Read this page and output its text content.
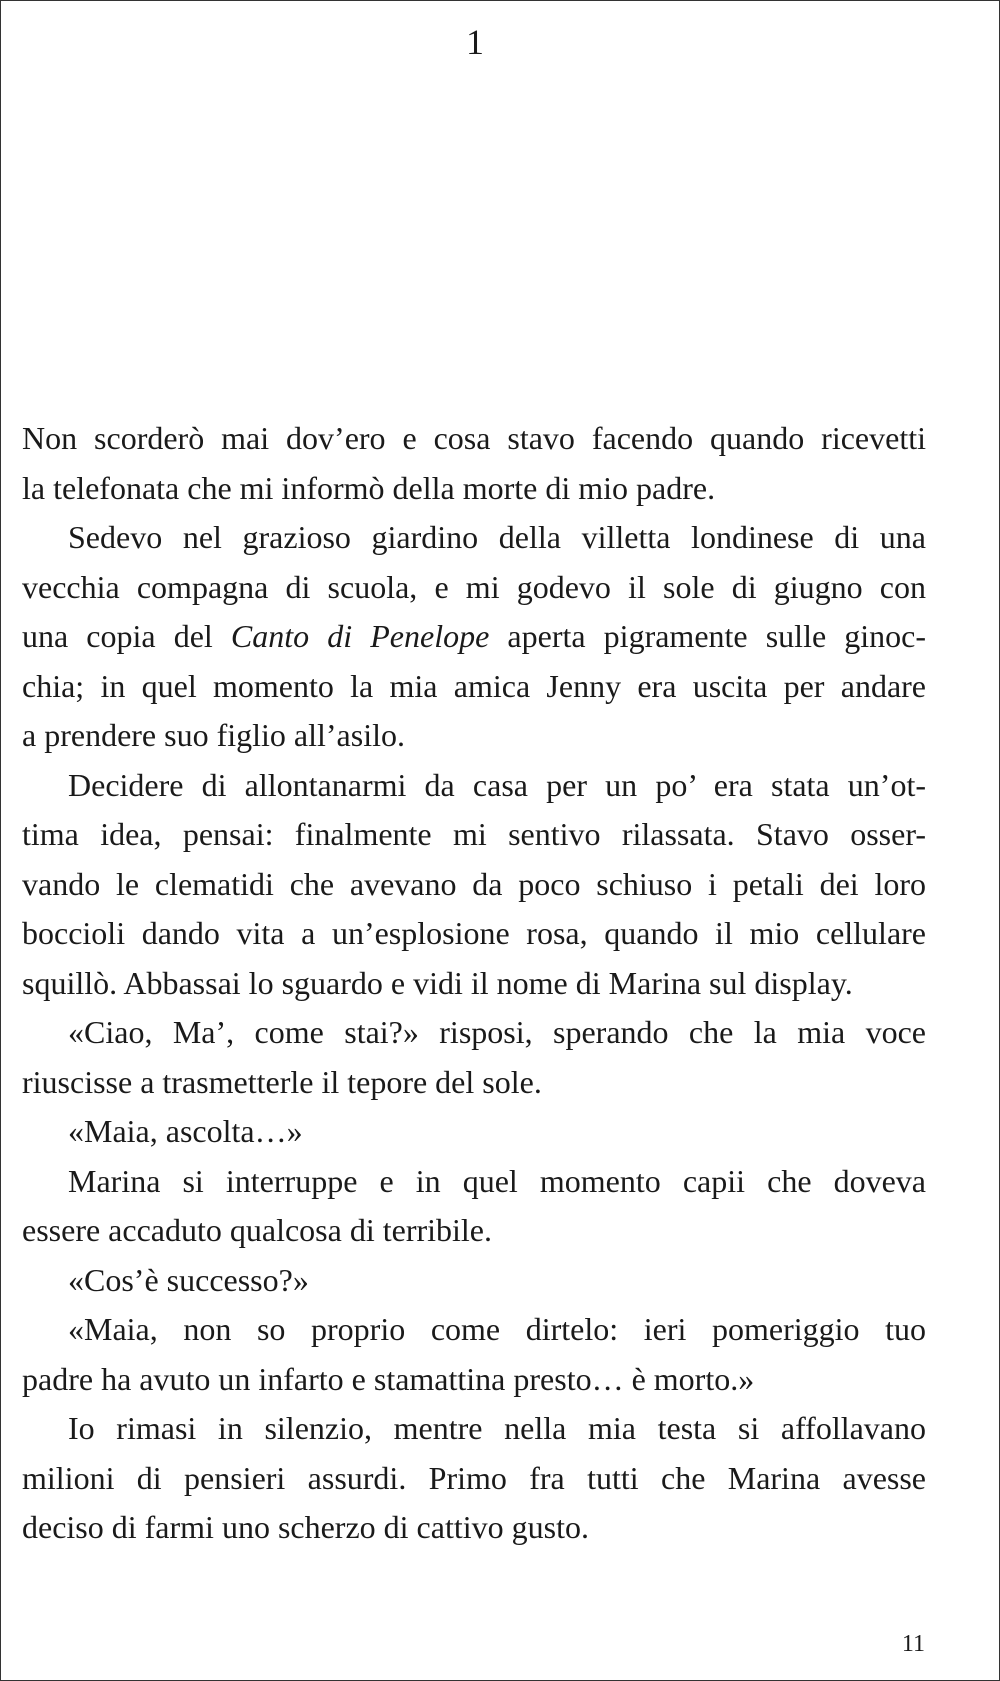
1

Non scorderò mai dov’ero e cosa stavo facendo quando ricevetti
la telefonata che mi informò della morte di mio padre.

Sedevo nel grazioso giardino della villetta londinese di una
vecchia compagna di scuola, e mi godevo il sole di giugno con
una copia del Canto di Penelope aperta pigramente sulle ginoc-
chia; in quel momento la mia amica Jenny era uscita per andare
a prendere suo figlio all’asilo.

Decidere di allontanarmi da casa per un po’ era stata un’ot-
tima idea, pensai: finalmente mi sentivo rilassata. Stavo osser-
vando le clematidi che avevano da poco schiuso i petali dei loro
boccioli dando vita a un’esplosione rosa, quando il mio cellulare
squillò. Abbassai lo sguardo e vidi il nome di Marina sul display.

«Ciao, Ma’, come stai?» risposi, sperando che la mia voce
riuscisse a trasmetterle il tepore del sole.

«Maia, ascolta…»

Marina si interruppe e in quel momento capii che doveva
essere accaduto qualcosa di terribile.

«Cos’è successo?»

«Maia, non so proprio come dirtelo: ieri pomeriggio tuo
padre ha avuto un infarto e stamattina presto… è morto.»

Io rimasi in silenzio, mentre nella mia testa si affollavano
milioni di pensieri assurdi. Primo fra tutti che Marina avesse
deciso di farmi uno scherzo di cattivo gusto.

11
